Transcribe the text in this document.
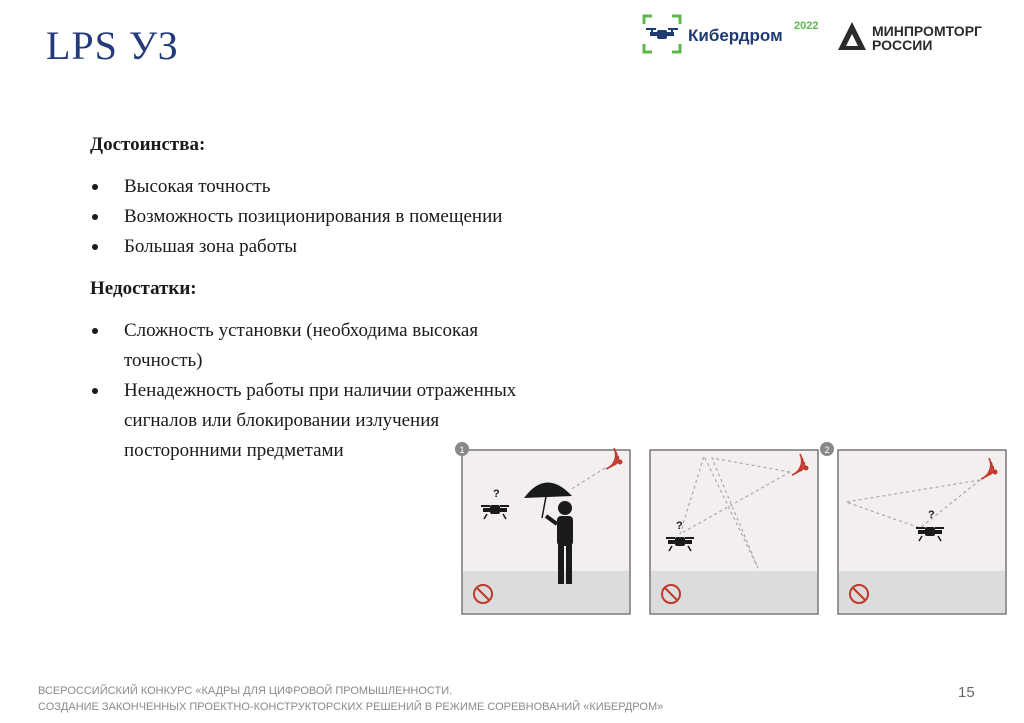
LPS УЗ	Кибердром 2022	МИНПРОМТОРГ
РОССИИ

Достоинства:

Высокая точность
Возможность позиционирования в помещении
Большая зона работы

Недостатки:

Сложность установки (необходима высокая точность)
Ненадежность работы при наличии отраженных сигналов или блокировании излучения посторонними предметами	1
?
?
2
?
ВСЕРОССИЙСКИЙ КОНКУРС «КАДРЫ ДЛЯ ЦИФРОВОЙ ПРОМЫШЛЕННОСТИ.
СОЗДАНИЕ ЗАКОНЧЕННЫХ ПРОЕКТНО-КОНСТРУКТОРСКИХ РЕШЕНИЙ В РЕЖИМЕ СОРЕВНОВАНИЙ «КИБЕРДРОМ»
15
